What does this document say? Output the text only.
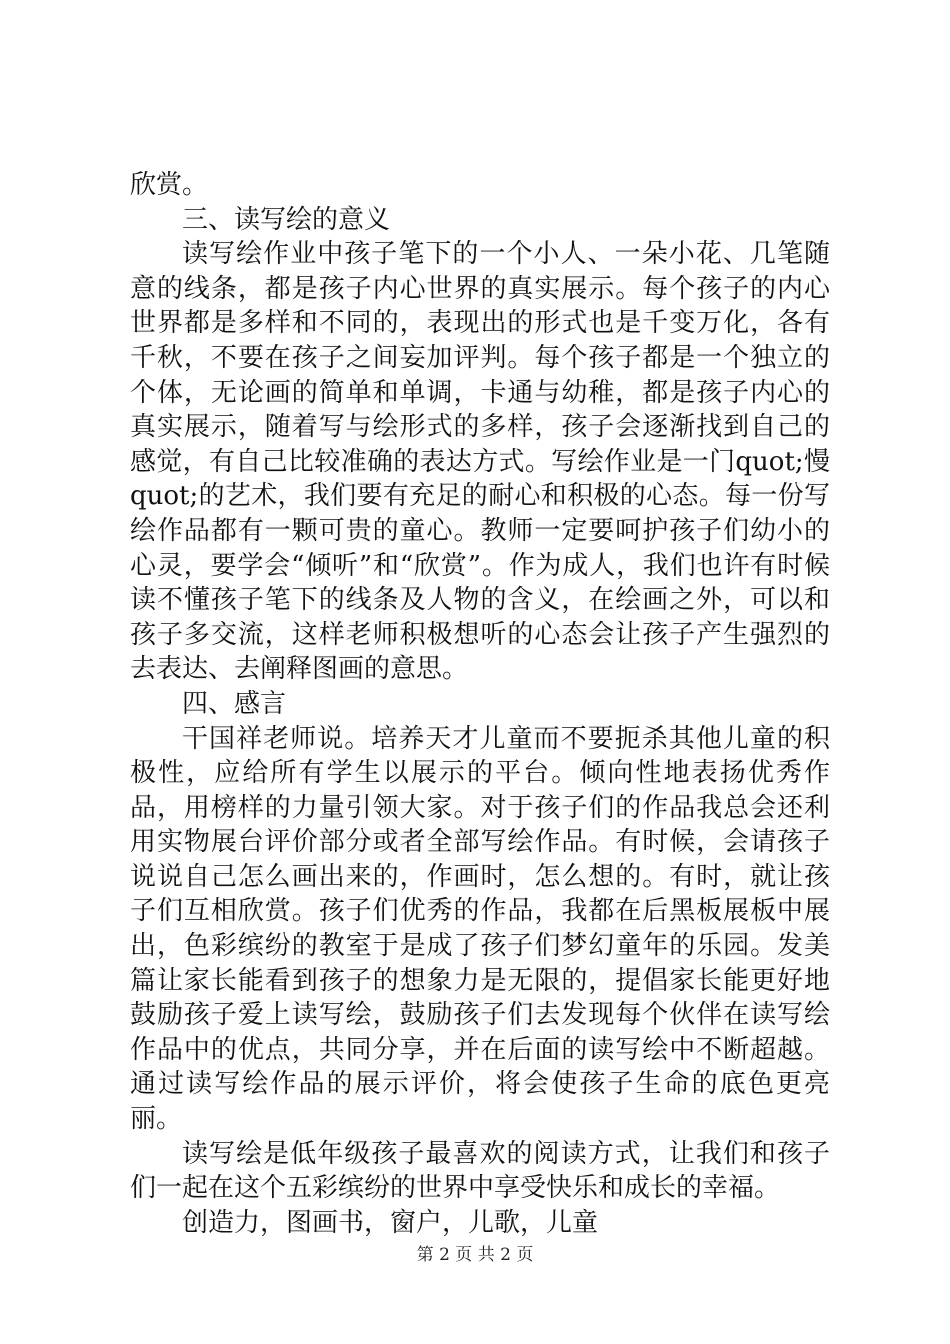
欣赏。

三、读写绘的意义

读写绘作业中孩子笔下的一个小人、一朵小花、几笔随意的线条，都是孩子内心世界的真实展示。每个孩子的内心世界都是多样和不同的，表现出的形式也是千变万化，各有千秋，不要在孩子之间妄加评判。每个孩子都是一个独立的个体，无论画的简单和单调，卡通与幼稚，都是孩子内心的真实展示，随着写与绘形式的多样，孩子会逐渐找到自己的感觉，有自己比较准确的表达方式。写绘作业是一门quot;慢quot;的艺术，我们要有充足的耐心和积极的心态。每一份写绘作品都有一颗可贵的童心。教师一定要呵护孩子们幼小的心灵，要学会“倾听”和“欣赏”。作为成人，我们也许有时候读不懂孩子笔下的线条及人物的含义，在绘画之外，可以和孩子多交流，这样老师积极想听的心态会让孩子产生强烈的去表达、去阐释图画的意思。

四、感言

干国祥老师说。培养天才儿童而不要扼杀其他儿童的积极性，应给所有学生以展示的平台。倾向性地表扬优秀作品，用榜样的力量引领大家。对于孩子们的作品我总会还利用实物展台评价部分或者全部写绘作品。有时候，会请孩子说说自己怎么画出来的，作画时，怎么想的。有时，就让孩子们互相欣赏。孩子们优秀的作品，我都在后黑板展板中展出，色彩缤纷的教室于是成了孩子们梦幻童年的乐园。发美篇让家长能看到孩子的想象力是无限的，提倡家长能更好地鼓励孩子爱上读写绘，鼓励孩子们去发现每个伙伴在读写绘作品中的优点，共同分享，并在后面的读写绘中不断超越。通过读写绘作品的展示评价，将会使孩子生命的底色更亮丽。

读写绘是低年级孩子最喜欢的阅读方式，让我们和孩子们一起在这个五彩缤纷的世界中享受快乐和成长的幸福。

创造力，图画书，窗户，儿歌，儿童

第 2 页 共 2 页
